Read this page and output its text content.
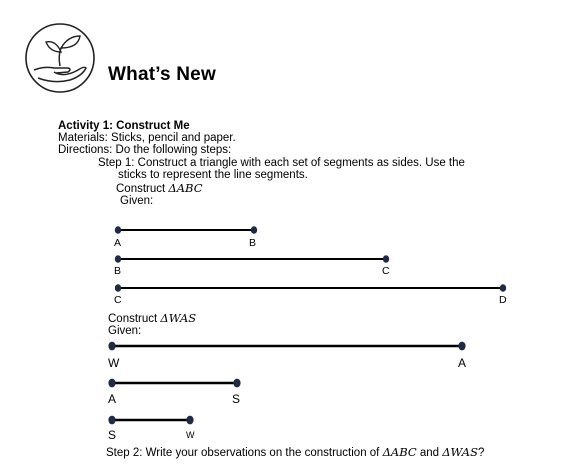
What’s New
Activity 1: Construct Me
Materials: Sticks, pencil and paper.
Directions: Do the following steps:
Step 1: Construct a triangle with each set of segments as sides. Use the
sticks to represent the line segments.
Construct ΔABC
Given:
Construct ΔWAS
Given:
A	B
B	C
C	D
W	A
A	S
S	W
Step 2: Write your observations on the construction of ΔABC and ΔWAS?
